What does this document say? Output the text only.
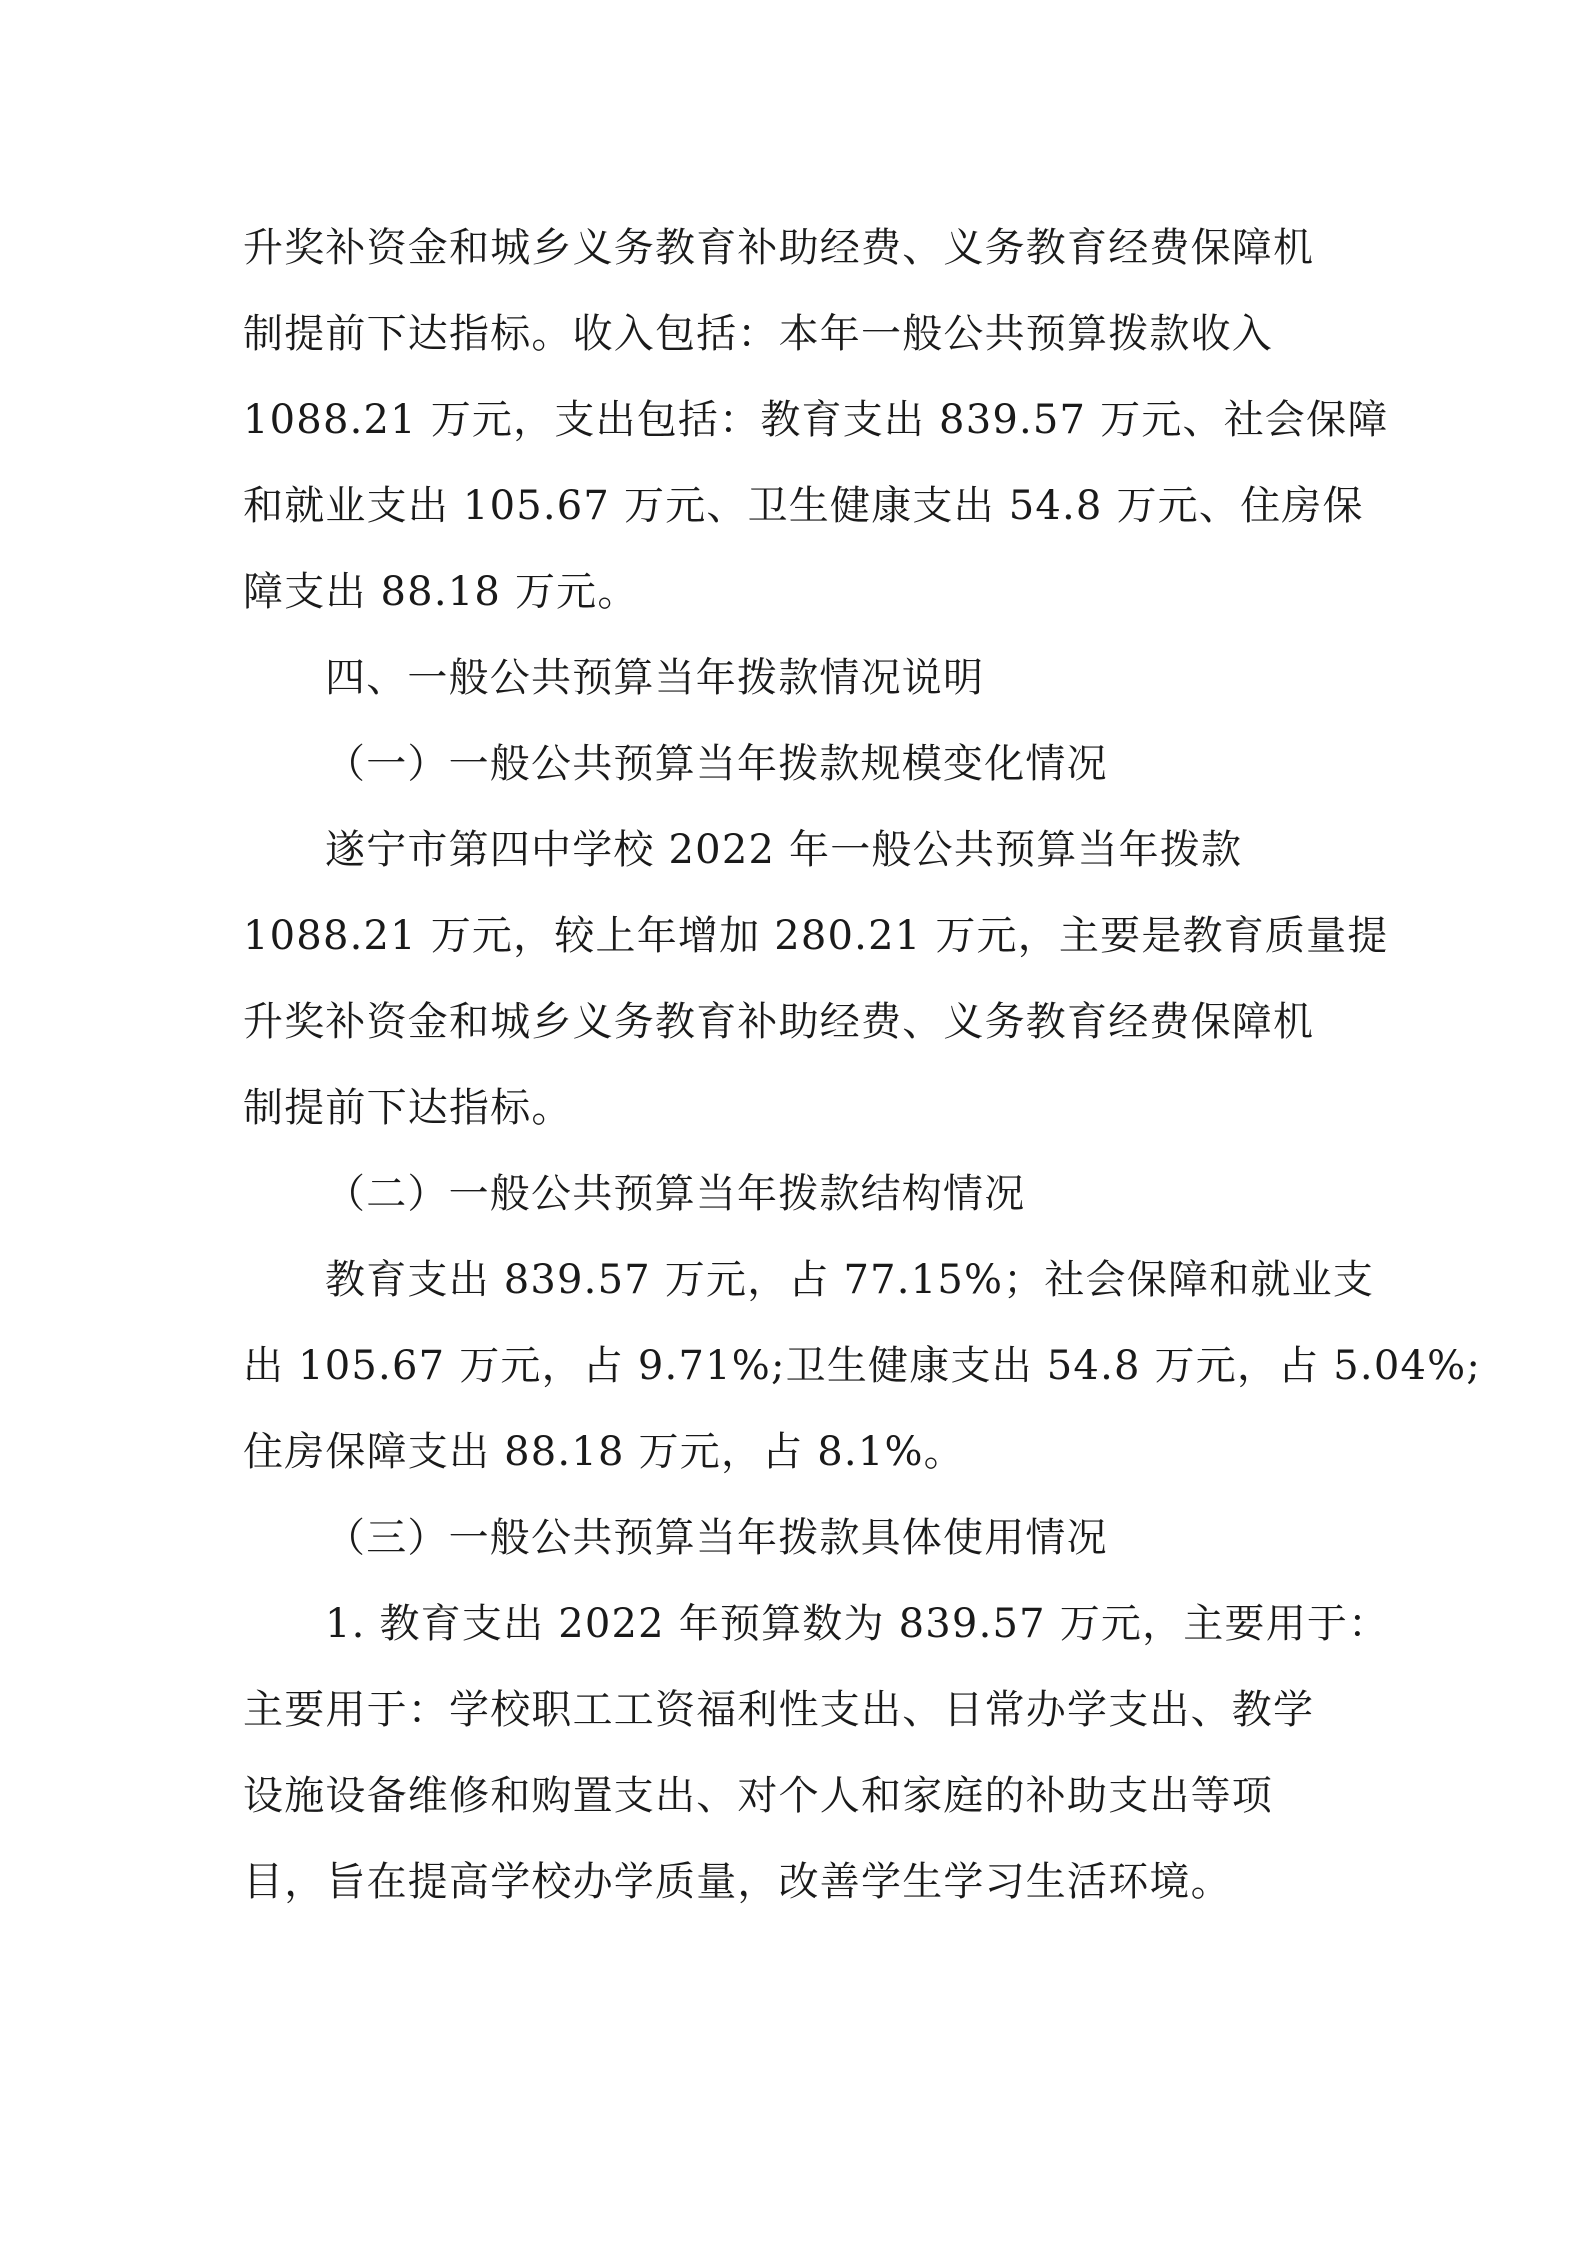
升奖补资金和城乡义务教育补助经费、义务教育经费保障机
制提前下达指标。收入包括：本年一般公共预算拨款收入
1088.21 万元，支出包括：教育支出 839.57 万元、社会保障
和就业支出 105.67 万元、卫生健康支出 54.8 万元、住房保
障支出 88.18 万元。

四、一般公共预算当年拨款情况说明

（一）一般公共预算当年拨款规模变化情况

遂宁市第四中学校 2022 年一般公共预算当年拨款
1088.21 万元，较上年增加 280.21 万元，主要是教育质量提
升奖补资金和城乡义务教育补助经费、义务教育经费保障机
制提前下达指标。

（二）一般公共预算当年拨款结构情况

教育支出 839.57 万元，占 77.15%；社会保障和就业支
出 105.67 万元，占 9.71%;卫生健康支出 54.8 万元，占 5.04%;
住房保障支出 88.18 万元，占 8.1%。

（三）一般公共预算当年拨款具体使用情况

1. 教育支出 2022 年预算数为 839.57 万元，主要用于：
主要用于：学校职工工资福利性支出、日常办学支出、教学
设施设备维修和购置支出、对个人和家庭的补助支出等项
目，旨在提高学校办学质量，改善学生学习生活环境。
